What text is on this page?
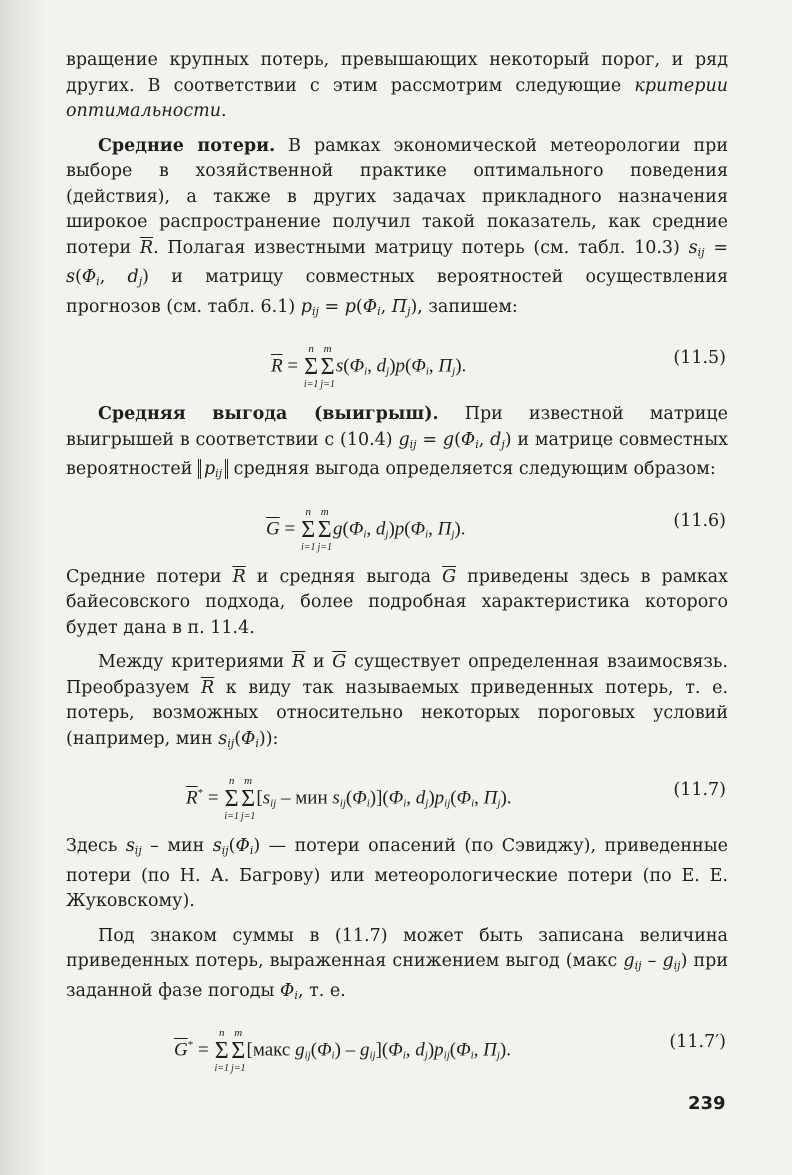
вращение крупных потерь, превышающих некоторый порог, и ряд других. В соответствии с этим рассмотрим следующие критерии оптимальности.

Средние потери. В рамках экономической метеорологии при выборе в хозяйственной практике оптимального поведения (действия), а также в других задачах прикладного назначения широкое распространение получил такой показатель, как средние потери $\overline{R}$. Полагая известными матрицу потерь (см. табл. 10.3) $s_{ij} = s(\Phi_i$, $d_j$) и матрицу совместных вероятностей осуществления прогнозов (см. табл. 6.1) $p_{ij} = p(\Phi_i$, $\Pi_j$), запишем:

$\overline{R}$ =
n
Σ
i=1
m
Σ
j=1
$s(\Phi_i$, $d_j)p(\Phi_i$, $\Pi_j$).	(11.5)

Средняя выгода (выигрыш). При известной матрице выигрышей в соответствии с (10.4) $g_{ij} = g(\Phi_i$, $d_j$) и матрице совместных вероятностей $p_{ij}$ средняя выгода определяется следующим образом:

$\overline{G}$ =
n
Σ
i=1
m
Σ
j=1
$g(\Phi_i$, $d_j)p(\Phi_i$, $\Pi_j$).	(11.6)

Средние потери $\overline{R}$ и средняя выгода $\overline{G}$ приведены здесь в рамках байесовского подхода, более подробная характеристика которого будет дана в п. 11.4.

Между критериями $\overline{R}$ и $\overline{G}$ существует определенная взаимосвязь. Преобразуем $\overline{R}$ к виду так называемых приведенных потерь, т. е. потерь, возможных относительно некоторых пороговых условий (например, мин $s_{ij}(\Phi_i)$):

$\overline{R}^*$ =
n
Σ
i=1
m
Σ
j=1
[$s_{ij}$ – мин $s_{ij}(\Phi_i)](\Phi_i$, $d_j)p_{ij}(\Phi_i$, $\Pi_j$).	(11.7)

Здесь $s_{ij}$ – мин $s_{ij}(\Phi_i)$ — потери опасений (по Сэвиджу), приведенные потери (по Н. А. Багрову) или метеорологические потери (по Е. Е. Жуковскому).

Под знаком суммы в (11.7) может быть записана величина приведенных потерь, выраженная снижением выгод (макс $g_{ij} - g_{ij}$) при заданной фазе погоды $\Phi_i$, т. е.

$\overline{G}^*$ =
n
Σ
i=1
m
Σ
j=1
[макс $g_{ij}(\Phi_i) - g_{ij}](\Phi_i$, $d_j)p_{ij}(\Phi_i$, $\Pi_j$).	(11.7′)
239
